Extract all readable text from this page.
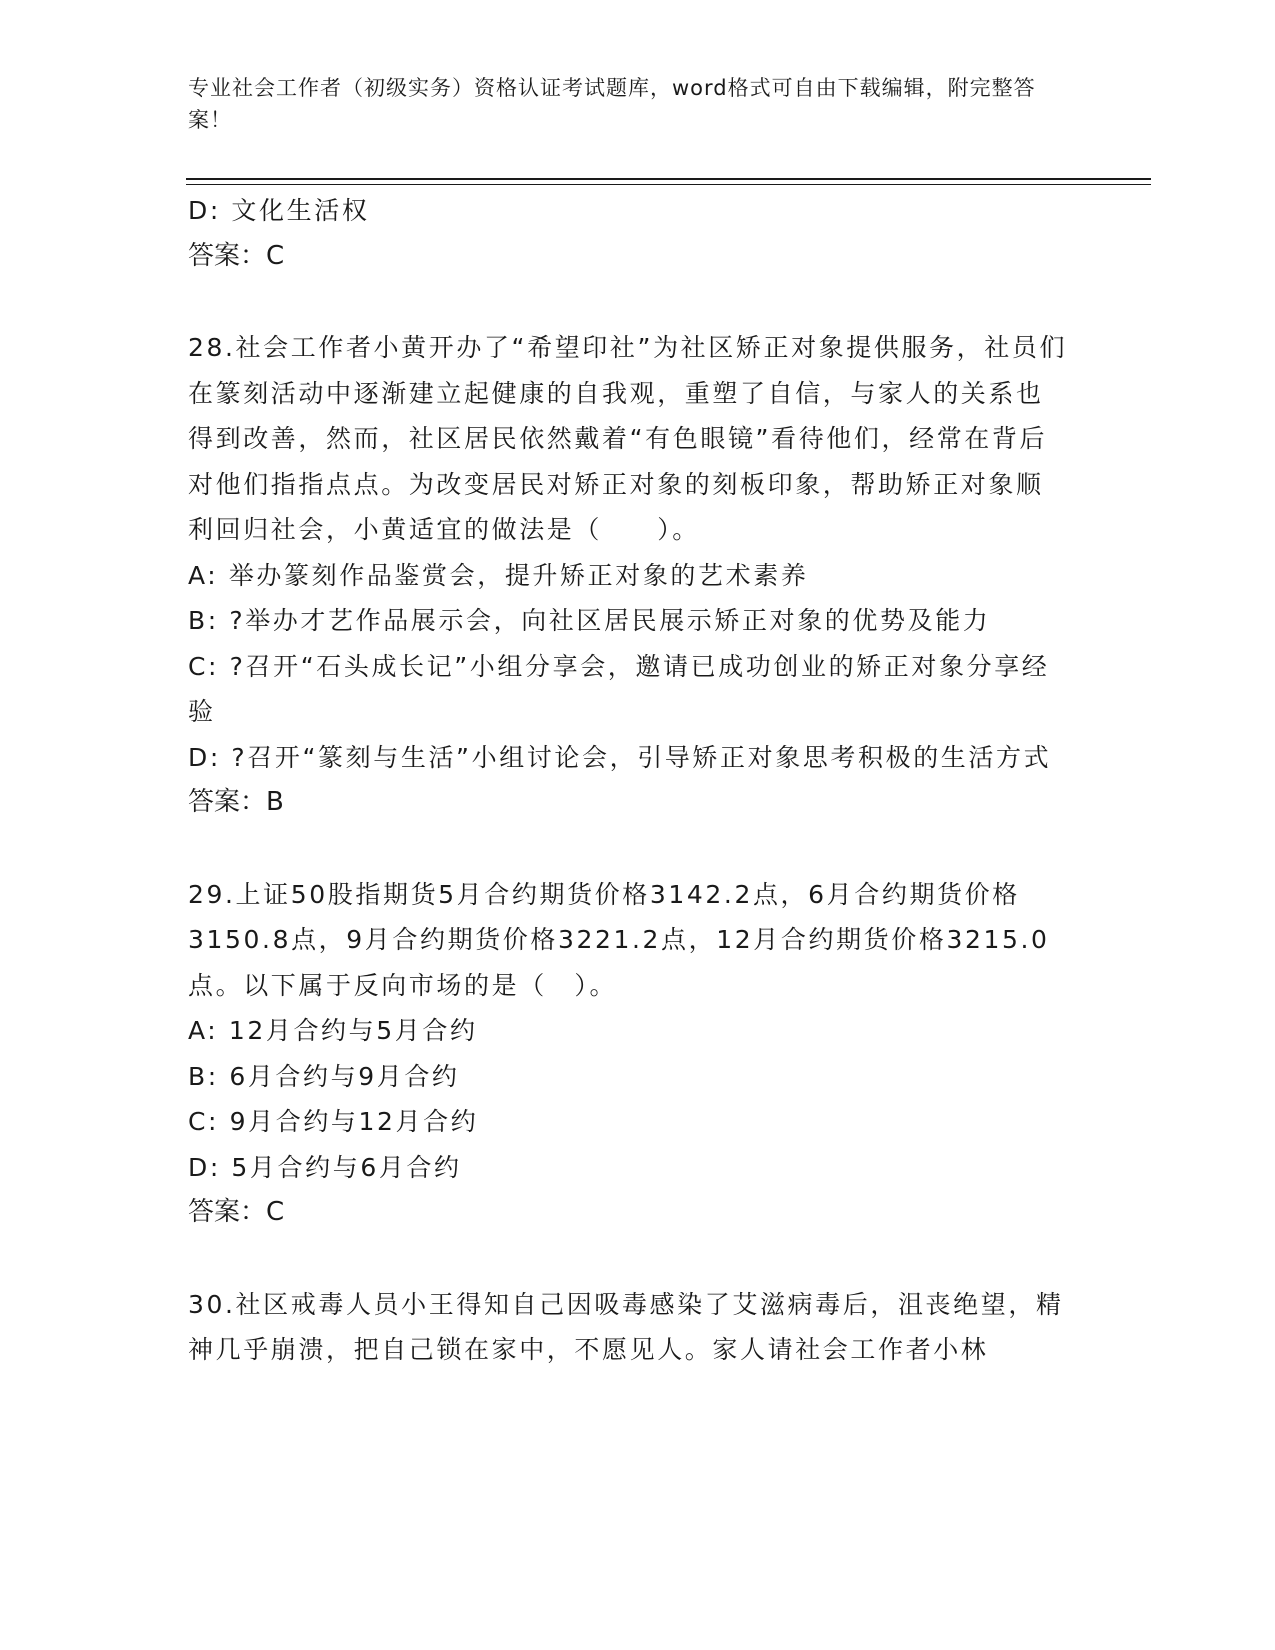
专业社会工作者（初级实务）资格认证考试题库，word格式可自由下载编辑，附完整答案！

D: 文化生活权

答案：C

28.社会工作者小黄开办了“希望印社”为社区矫正对象提供服务，社员们在篆刻活动中逐渐建立起健康的自我观，重塑了自信，与家人的关系也得到改善，然而，社区居民依然戴着“有色眼镜”看待他们，经常在背后对他们指指点点。为改变居民对矫正对象的刻板印象，帮助矫正对象顺利回归社会，小黄适宜的做法是（　　）。

A: 举办篆刻作品鉴赏会，提升矫正对象的艺术素养

B: ?举办才艺作品展示会，向社区居民展示矫正对象的优势及能力

C: ?召开“石头成长记”小组分享会，邀请已成功创业的矫正对象分享经验

D: ?召开“篆刻与生活”小组讨论会，引导矫正对象思考积极的生活方式

答案：B

29.上证50股指期货5月合约期货价格3142.2点，6月合约期货价格3150.8点，9月合约期货价格3221.2点，12月合约期货价格3215.0点。以下属于反向市场的是（　）。

A: 12月合约与5月合约

B: 6月合约与9月合约

C: 9月合约与12月合约

D: 5月合约与6月合约

答案：C

30.社区戒毒人员小王得知自己因吸毒感染了艾滋病毒后，沮丧绝望，精神几乎崩溃，把自己锁在家中，不愿见人。家人请社会工作者小林
